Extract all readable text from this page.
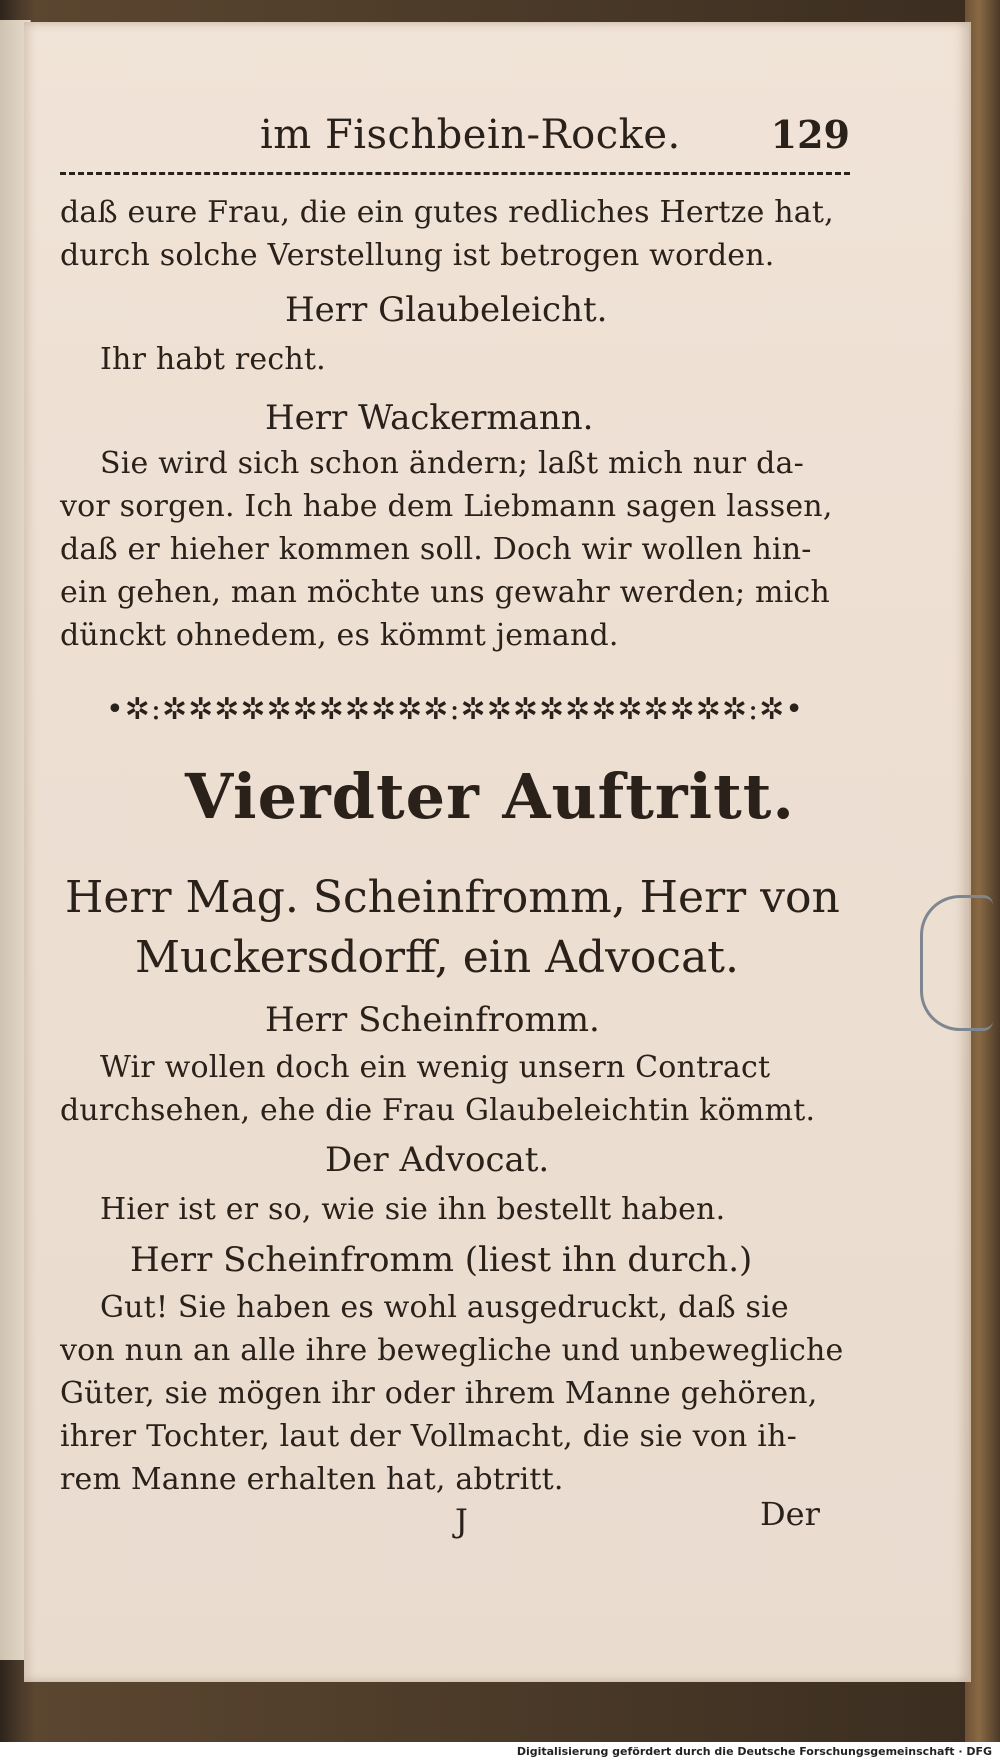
im Fischbein-Rocke. 129
daß eure Frau, die ein gutes redliches Hertze hat,
durch solche Verstellung ist betrogen worden.
Herr Glaubeleicht.
Ihr habt recht.
Herr Wackermann.
Sie wird sich schon ändern; laßt mich nur da-
vor sorgen. Ich habe dem Liebmann sagen lassen,
daß er hieher kommen soll. Doch wir wollen hin-
ein gehen, man möchte uns gewahr werden; mich
dünckt ohnedem, es kömmt jemand.
•✲:✲✲✲✲✲✲✲✲✲✲✲:✲✲✲✲✲✲✲✲✲✲✲:✲•
Vierdter Auftritt.
Herr Mag. Scheinfromm, Herr von
Muckersdorff, ein Advocat.
Herr Scheinfromm.
Wir wollen doch ein wenig unsern Contract
durchsehen, ehe die Frau Glaubeleichtin kömmt.
Der Advocat.
Hier ist er so, wie sie ihn bestellt haben.
Herr Scheinfromm (liest ihn durch.)
Gut! Sie haben es wohl ausgedruckt, daß sie
von nun an alle ihre bewegliche und unbewegliche
Güter, sie mögen ihr oder ihrem Manne gehören,
ihrer Tochter, laut der Vollmacht, die sie von ih-
rem Manne erhalten hat, abtritt.
J	Der
Digitalisierung gefördert durch die Deutsche Forschungsgemeinschaft · DFG
